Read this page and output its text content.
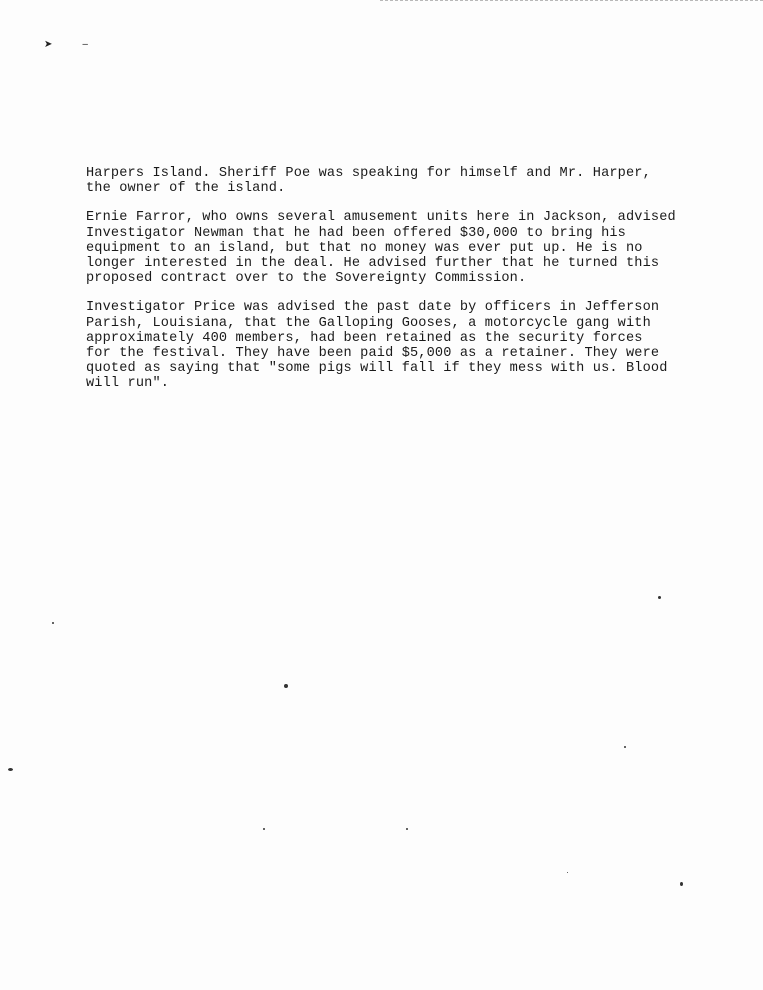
➤	‒

Harpers Island. Sheriff Poe was speaking for himself and Mr. Harper,
the owner of the island.

Ernie Farror, who owns several amusement units here in Jackson, advised
Investigator Newman that he had been offered $30,000 to bring his
equipment to an island, but that no money was ever put up. He is no
longer interested in the deal. He advised further that he turned this
proposed contract over to the Sovereignty Commission.

Investigator Price was advised the past date by officers in Jefferson
Parish, Louisiana, that the Galloping Gooses, a motorcycle gang with
approximately 400 members, had been retained as the security forces
for the festival. They have been paid $5,000 as a retainer. They were
quoted as saying that "some pigs will fall if they mess with us. Blood
will run".
